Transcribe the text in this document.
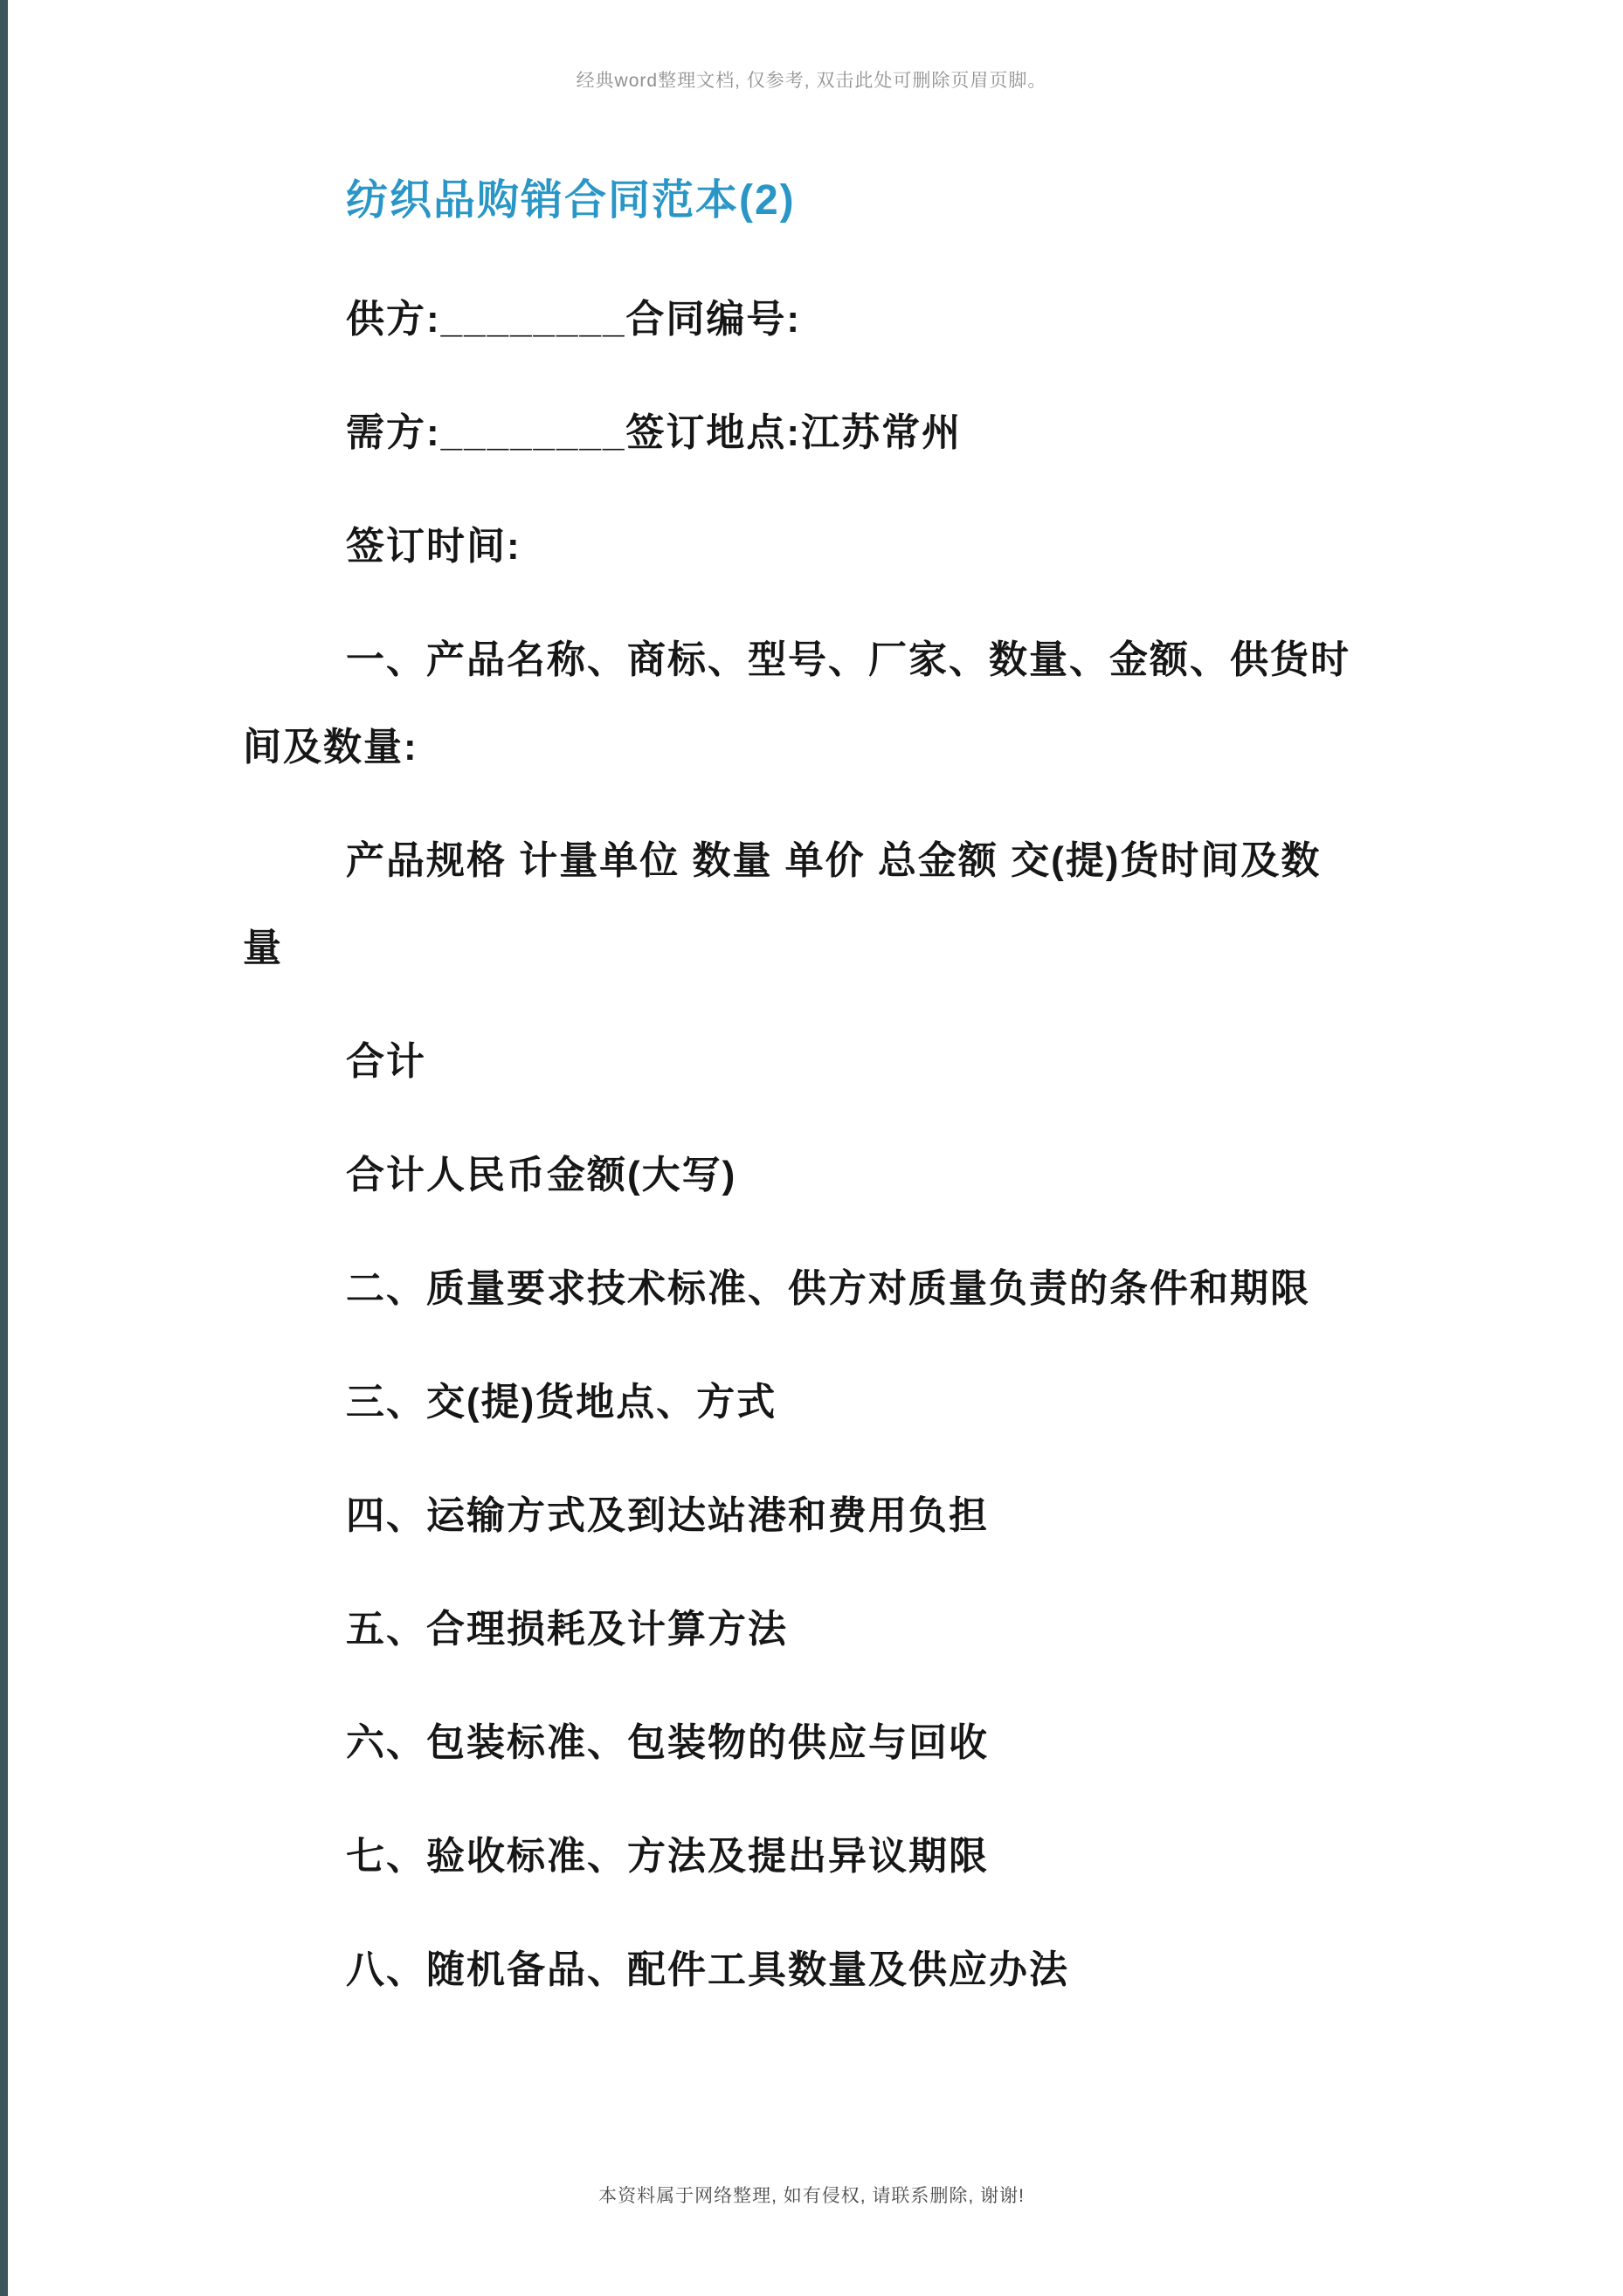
经典word整理文档, 仅参考, 双击此处可删除页眉页脚。
纺织品购销合同范本(2)
供方:________合同编号:
需方:________签订地点:江苏常州
签订时间:
一、产品名称、商标、型号、厂家、数量、金额、供货时
间及数量:
产品规格 计量单位 数量 单价 总金额 交(提)货时间及数
量
合计
合计人民币金额(大写)
二、质量要求技术标准、供方对质量负责的条件和期限
三、交(提)货地点、方式
四、运输方式及到达站港和费用负担
五、合理损耗及计算方法
六、包装标准、包装物的供应与回收
七、验收标准、方法及提出异议期限
八、随机备品、配件工具数量及供应办法
本资料属于网络整理, 如有侵权, 请联系删除, 谢谢!
